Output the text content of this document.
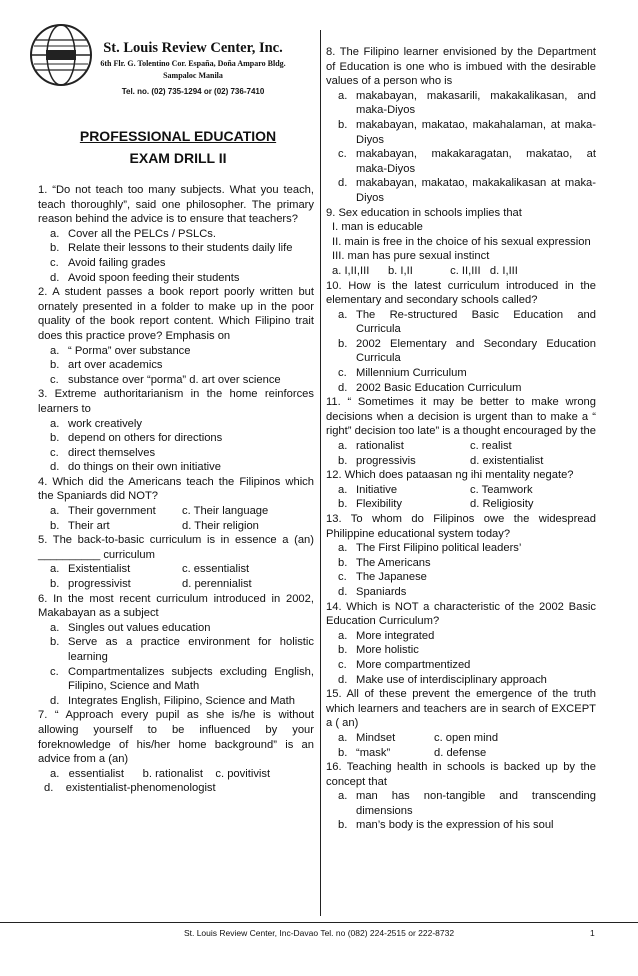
St. Louis Review Center, Inc.
6th Flr. G. Tolentino Cor. España, Doña Amparo Bldg.
Sampaloc Manila
Tel. no. (02) 735-1294 or (02) 736-7410
PROFESSIONAL EDUCATION
EXAM DRILL II
1. “Do not teach too many subjects. What you teach, teach thoroughly”, said one philosopher. The primary reason behind the advice is to ensure that teachers?
a. Cover all the PELCs / PSLCs.
b. Relate their lessons to their students daily life
c. Avoid failing grades
d. Avoid spoon feeding their students
2. A student passes a book report poorly written but ornately presented in a folder to make up in the poor quality of the book report content. Which Filipino trait does this practice prove? Emphasis on
a. “ Porma” over substance
b. art over academics
c. substance over “porma” d. art over science
3. Extreme authoritarianism in the home reinforces learners to
a. work creatively
b. depend on others for directions
c. direct themselves
d. do things on their own initiative
4. Which did the Americans teach the Filipinos which the Spaniards did NOT?
a. Their government c. Their language
b. Their art	d. Their religion
5. The back-to-basic curriculum is in essence a (an) __________ curriculum
a. Existentialist	c. essentialist
b. progressivist	d. perennialist
6. In the most recent curriculum introduced in 2002, Makabayan as a subject
a. Singles out values education
b. Serve as a practice environment for holistic learning
c. Compartmentalizes subjects excluding English, Filipino, Science and Math
d. Integrates English, Filipino, Science and Math
7. “ Approach every pupil as she is/he is without allowing yourself to be influenced by your foreknowledge of his/her home background” is an advice from a (an)
a.   essentialist      b. rationalist    c. povitivist
d.    existentialist-phenomenologist
8. The Filipino learner envisioned by the Department of Education is one who is imbued with the desirable values of a person who is
a. makabayan, makasarili, makakalikasan, and maka-Diyos
b. makabayan, makatao, makahalaman, at maka-Diyos
c. makabayan, makakaragatan, makatao, at maka-Diyos
d. makabayan, makatao, makakalikasan at maka-Diyos
9. Sex education in schools implies that
I. man is educable
II. main is free in the choice of his sexual expression
III. man has pure sexual instinct
a. I,II,III      b. I,II            c. II,III   d. I,III
10. How is the latest curriculum introduced in the elementary and secondary schools called?
a. The Re-structured Basic Education and Curricula
b. 2002 Elementary and Secondary Education Curricula
c. Millennium Curriculum
d. 2002 Basic Education Curriculum
11. “ Sometimes it may be better to make wrong decisions when a decision is urgent than to make a “ right” decision too late” is a thought encouraged by the
a. rationalist	c. realist
b. progressivis	d. existentialist
12. Which does pataasan ng ihi mentality negate?
a. Initiative	c. Teamwork
b. Flexibility	d. Religiosity
13. To whom do Filipinos owe the widespread Philippine educational system today?
a. The First Filipino political leaders’
b. The Americans
c. The Japanese
d. Spaniards
14. Which is NOT a characteristic of the 2002 Basic Education Curriculum?
a. More integrated
b. More holistic
c. More compartmentized
d. Make use of interdisciplinary approach
15. All of these prevent the emergence of the truth which learners and teachers are in search of EXCEPT a ( an)
a. Mindset	c. open mind
b. “mask”	d. defense
16. Teaching health in schools is backed up by the concept that
a. man has non-tangible and transcending dimensions
b. man’s body is the expression of his soul
St. Louis Review Center, Inc-Davao Tel. no (082) 224-2515 or 222-8732	1
